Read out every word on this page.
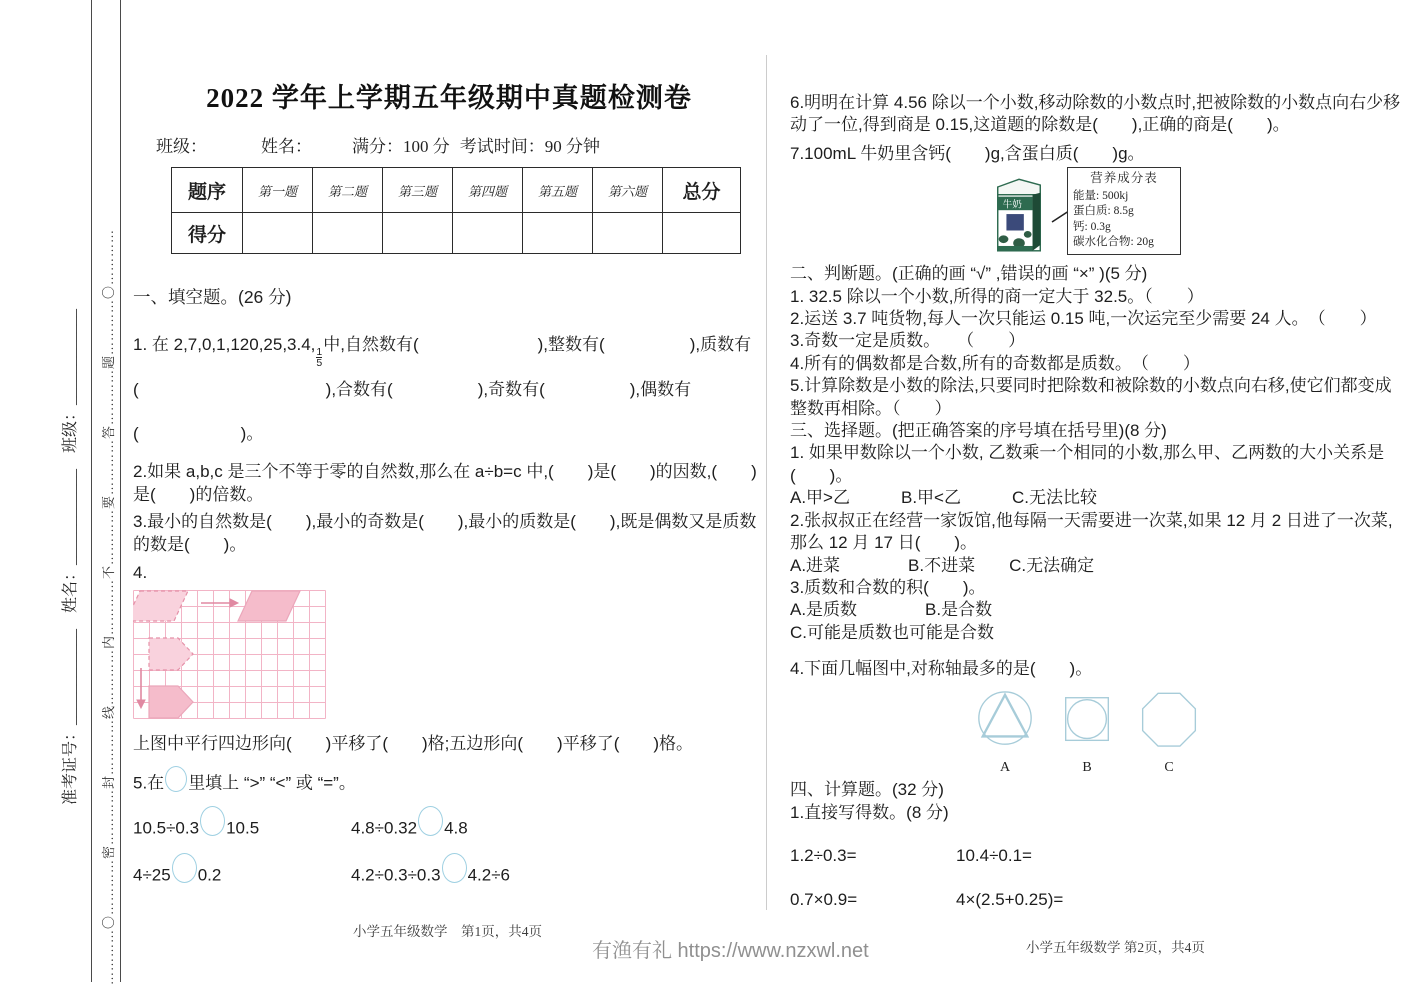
准考证号：____________　姓名：____________　班级：____________ …………〇…………密…………封…………线…………内…………不…………要…………答…………题…………〇…………
2022 学年上学期五年级期中真题检测卷
班级：	姓名： 满分：100 分 考试时间：90 分钟
题序	第一题	第二题	第三题	第四题	第五题	第六题	总分
得分							
一、填空题。(26 分)
1. 在 2,7,0,1,120,25,3.4,
$\frac{1}{5}$
中,自然数有(　　　　　　　),整数有(　　　　　),质数有
(　　　　　　　　　　　),合数有(　　　　　),奇数有(　　　　　),偶数有
(　　　　　　)。
2.如果 a,b,c 是三个不等于零的自然数,那么在 a÷b=c 中,(　　)是(　　)的因数,(　　)是(　　)的倍数。
3.最小的自然数是(　　),最小的奇数是(　　),最小的质数是(　　),既是偶数又是质数的数是(　　)。
4.
上图中平行四边形向(　　)平移了(　　)格;五边形向(　　)平移了(　　)格。
5.在 里填上 “>” “<” 或 “=”。
10.5÷0.3 10.5	4.8÷0.32 4.8
4÷25 0.2	4.2÷0.3÷0.3 4.2÷6

6.明明在计算 4.56 除以一个小数,移动除数的小数点时,把被除数的小数点向右少移动了一位,得到商是 0.15,这道题的除数是(　　),正确的商是(　　)。

7.100mL 牛奶里含钙(　　)g,含蛋白质(　　)g。

牛奶
营养成分表
能量: 500kj
蛋白质: 8.5g
钙: 0.3g
碳水化合物: 20g

二、判断题。(正确的画 “√” ,错误的画 “×” )(5 分)

1. 32.5 除以一个小数,所得的商一定大于 32.5。（　　）

2.运送 3.7 吨货物,每人一次只能运 0.15 吨,一次运完至少需要 24 人。　（　　）

3.奇数一定是质数。　　（　　）

4.所有的偶数都是合数,所有的奇数都是质数。　（　　）

5.计算除数是小数的除法,只要同时把除数和被除数的小数点向右移,使它们都变成整数再相除。（　　）

三、选择题。(把正确答案的序号填在括号里)(8 分)

1. 如果甲数除以一个小数, 乙数乘一个相同的小数,那么甲、乙两数的大小关系是(　　)。

A.甲>乙　　　B.甲<乙　　　C.无法比较

2.张叔叔正在经营一家饭馆,他每隔一天需要进一次菜,如果 12 月 2 日进了一次菜,那么 12 月 17 日(　　)。

A.进菜　　　　B.不进菜　　C.无法确定

3.质数和合数的积(　　)。

A.是质数　　　　B.是合数

C.可能是质数也可能是合数

4.下面几幅图中,对称轴最多的是(　　)。

A	B	C

四、计算题。(32 分)

1.直接写得数。(8 分)

1.2÷0.3=	10.4÷0.1=
0.7×0.9=	4×(2.5+0.25)=
小学五年级数学　第1页，共4页
小学五年级数学 第2页，共4页
有渔有礼 https://www.nzxwl.net
